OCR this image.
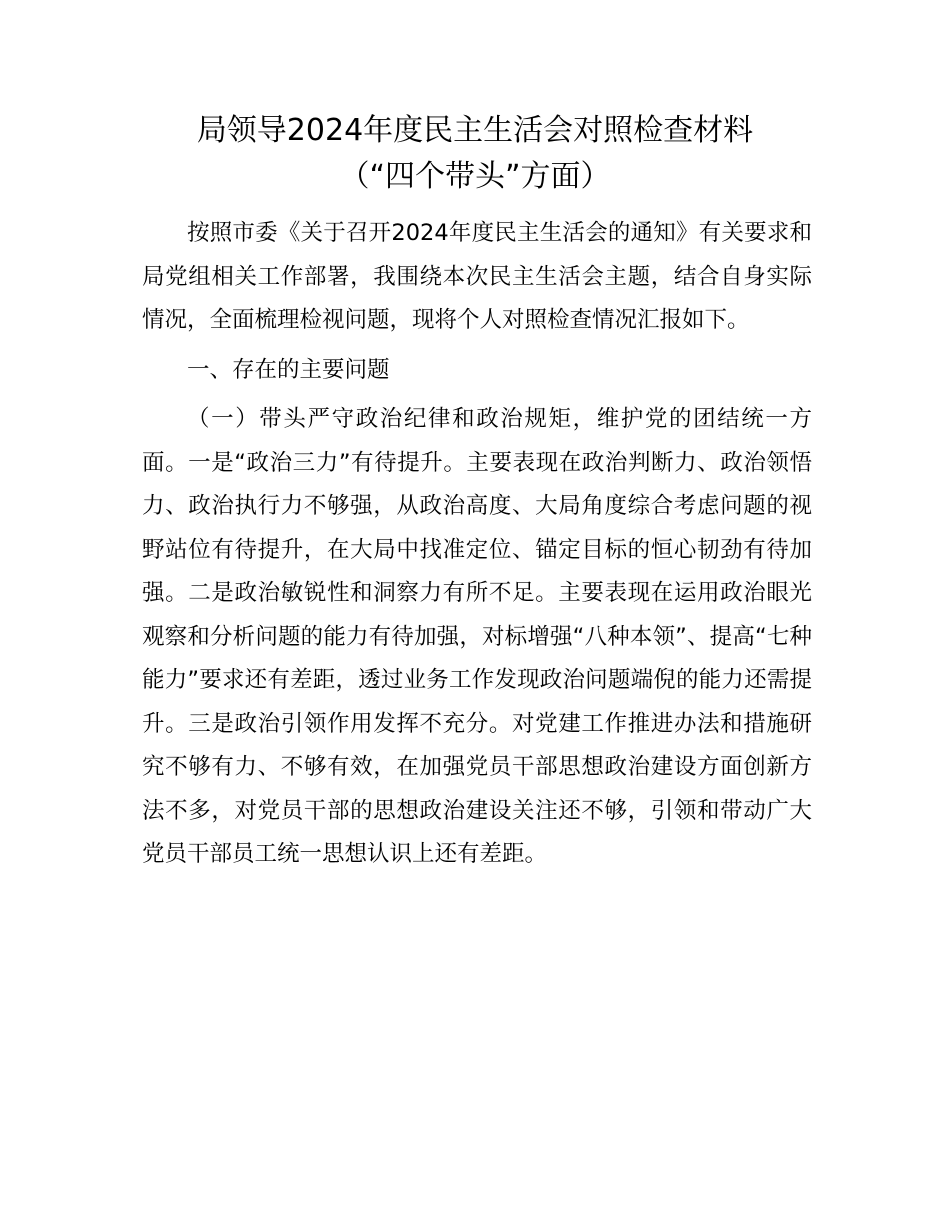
局领导2024年度民主生活会对照检查材料
（“四个带头”方面）

按照市委《关于召开2024年度民主生活会的通知》有关要求和局党组相关工作部署，我围绕本次民主生活会主题，结合自身实际情况，全面梳理检视问题，现将个人对照检查情况汇报如下。

一、存在的主要问题

（一）带头严守政治纪律和政治规矩，维护党的团结统一方面。一是“政治三力”有待提升。主要表现在政治判断力、政治领悟力、政治执行力不够强，从政治高度、大局角度综合考虑问题的视野站位有待提升，在大局中找准定位、锚定目标的恒心韧劲有待加强。二是政治敏锐性和洞察力有所不足。主要表现在运用政治眼光观察和分析问题的能力有待加强，对标增强“八种本领”、提高“七种能力”要求还有差距，透过业务工作发现政治问题端倪的能力还需提升。三是政治引领作用发挥不充分。对党建工作推进办法和措施研究不够有力、不够有效，在加强党员干部思想政治建设方面创新方法不多，对党员干部的思想政治建设关注还不够，引领和带动广大党员干部员工统一思想认识上还有差距。
